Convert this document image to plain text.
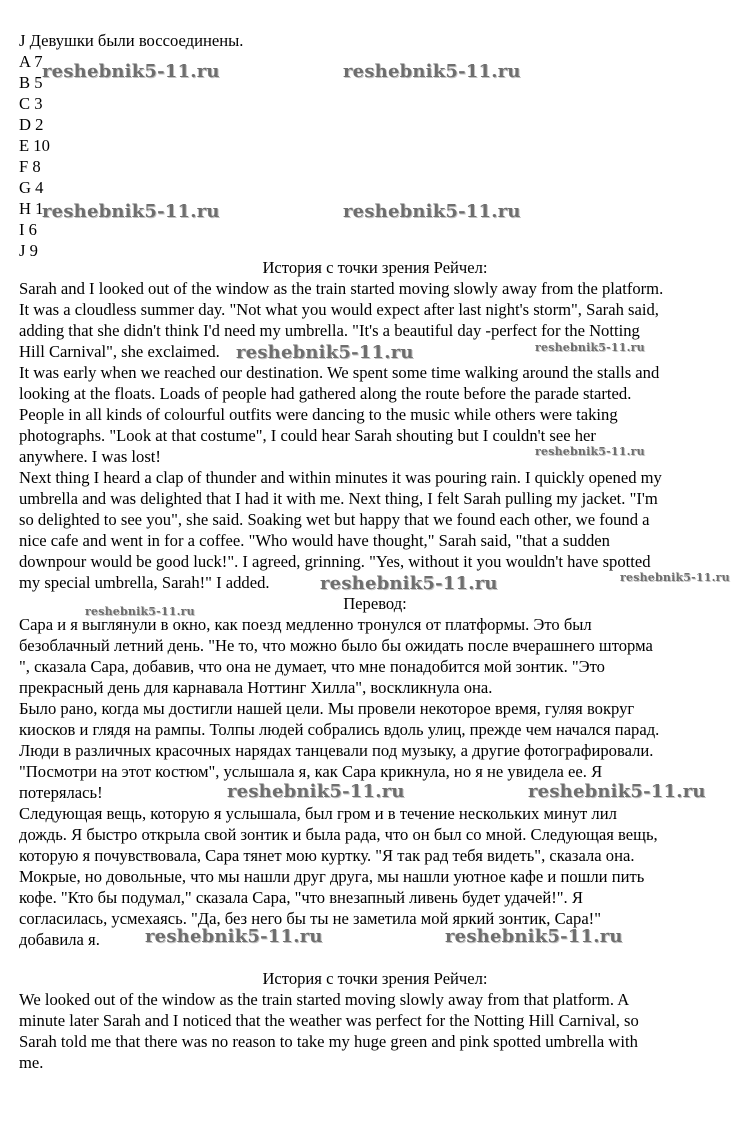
J Девушки были воссоединены.
A 7
B 5
C 3
D 2
E 10
F 8
G 4
H 1
I 6
J 9
История с точки зрения Рейчел:
Sarah and I looked out of the window as the train started moving slowly away from the platform.
It was a cloudless summer day. "Not what you would expect after last night's storm", Sarah said,
adding that she didn't think I'd need my umbrella. "It's a beautiful day -perfect for the Notting
Hill Carnival", she exclaimed.
It was early when we reached our destination. We spent some time walking around the stalls and
looking at the floats. Loads of people had gathered along the route before the parade started.
People in all kinds of colourful outfits were dancing to the music while others were taking
photographs. "Look at that costume", I could hear Sarah shouting but I couldn't see her
anywhere. I was lost!
Next thing I heard a clap of thunder and within minutes it was pouring rain. I quickly opened my
umbrella and was delighted that I had it with me. Next thing, I felt Sarah pulling my jacket. "I'm
so delighted to see you", she said. Soaking wet but happy that we found each other, we found a
nice cafe and went in for a coffee. "Who would have thought," Sarah said, "that a sudden
downpour would be good luck!". I agreed, grinning. "Yes, without it you wouldn't have spotted
my special umbrella, Sarah!" I added.
Перевод:
Сара и я выглянули в окно, как поезд медленно тронулся от платформы. Это был
безоблачный летний день. "Не то, что можно было бы ожидать после вчерашнего шторма
", сказала Сара, добавив, что она не думает, что мне понадобится мой зонтик. "Это
прекрасный день для карнавала Ноттинг Хилла", воскликнула она.
Было рано, когда мы достигли нашей цели. Мы провели некоторое время, гуляя вокруг
киосков и глядя на рампы. Толпы людей собрались вдоль улиц, прежде чем начался парад.
Люди в различных красочных нарядах танцевали под музыку, а другие фотографировали.
"Посмотри на этот костюм", услышала я, как Сара крикнула, но я не увидела ее. Я
потерялась!
Следующая вещь, которую я услышала, был гром и в течение нескольких минут лил
дождь. Я быстро открыла свой зонтик и была рада, что он был со мной. Следующая вещь,
которую я почувствовала, Сара тянет мою куртку. "Я так рад тебя видеть", сказала она.
Мокрые, но довольные, что мы нашли друг друга, мы нашли уютное кафе и пошли пить
кофе. "Кто бы подумал," сказала Сара, "что внезапный ливень будет удачей!". Я
согласилась, усмехаясь. "Да, без него бы ты не заметила мой яркий зонтик, Сара!"
добавила я.
История с точки зрения Рейчел:
We looked out of the window as the train started moving slowly away from that platform. A
minute later Sarah and I noticed that the weather was perfect for the Notting Hill Carnival, so
Sarah told me that there was no reason to take my huge green and pink spotted umbrella with
me.
reshebnik5-11.ru	reshebnik5-11.ru
reshebnik5-11.ru	reshebnik5-11.ru
reshebnik5-11.ru	reshebnik5-11.ru
reshebnik5-11.ru
reshebnik5-11.ru	reshebnik5-11.ru
reshebnik5-11.ru
reshebnik5-11.ru	reshebnik5-11.ru
reshebnik5-11.ru	reshebnik5-11.ru
